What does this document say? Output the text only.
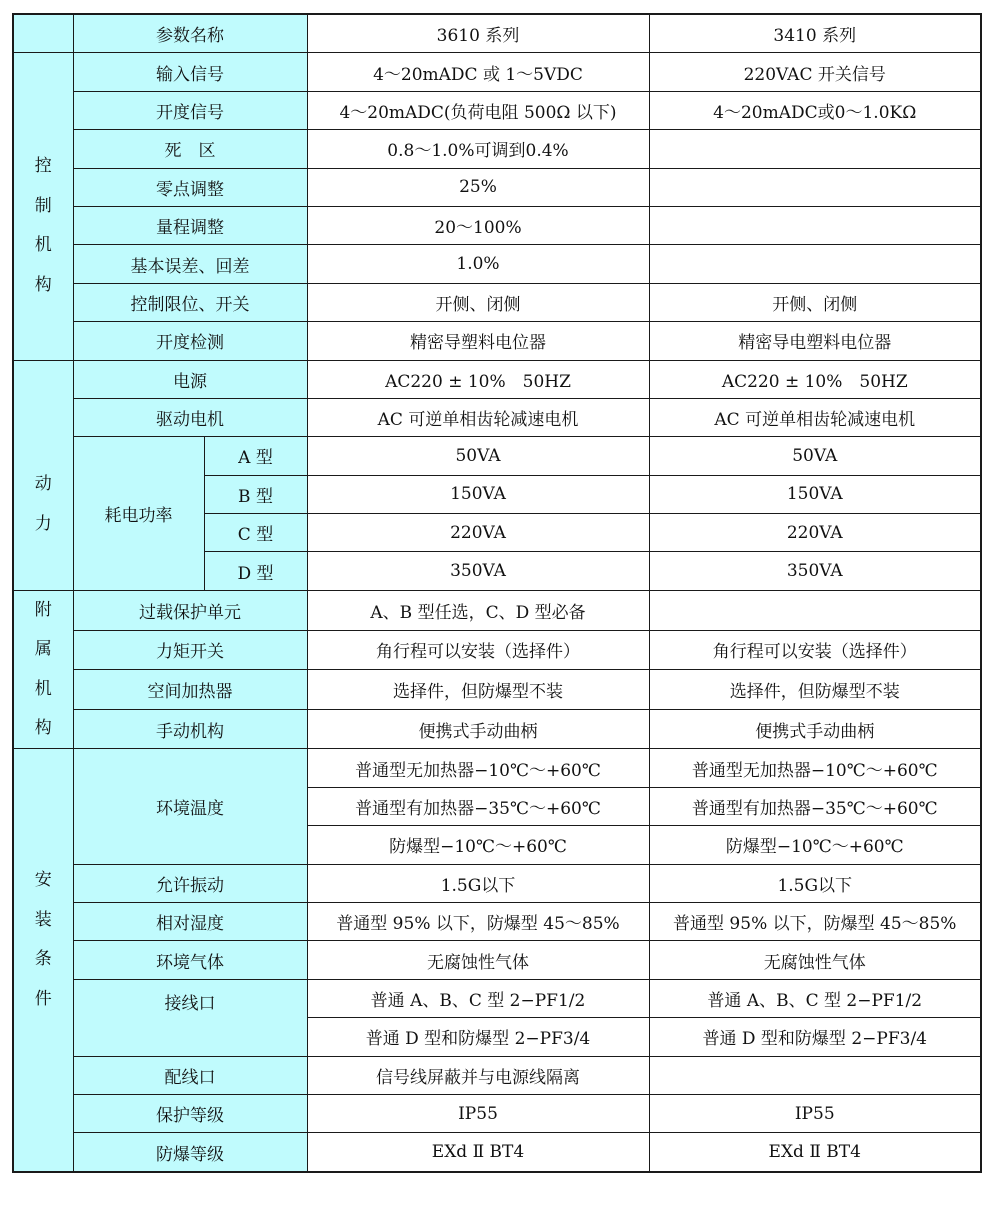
	参数名称		3610 系列	3410 系列

控
制
机
构	输入信号		4～20mADC 或 1～5VDC	220VAC 开关信号
	开度信号		4～20mADC(负荷电阻 500Ω 以下)	4～20mADC或0～1.0KΩ
	死　区		0.8～1.0%可调到0.4%	
	零点调整		25%	
	量程调整		20～100%	
	基本误差、回差		1.0%	
	控制限位、开关		开侧、闭侧	开侧、闭侧
	开度检测		精密导塑料电位器	精密导电塑料电位器

动
力	电源		AC220 ± 10%　50HZ	AC220 ± 10%　50HZ
	驱动电机		AC 可逆单相齿轮减速电机	AC 可逆单相齿轮减速电机
	耗电功率	A 型	50VA	50VA
		B 型	150VA	150VA
		C 型	220VA	220VA
		D 型	350VA	350VA

附
属
机
构	过载保护单元		A、B 型任选，C、D 型必备	
	力矩开关		角行程可以安装（选择件）	角行程可以安装（选择件）
	空间加热器		选择件，但防爆型不装	选择件，但防爆型不装
	手动机构		便携式手动曲柄	便携式手动曲柄

安
装
条
件	环境温度		普通型无加热器−10℃～+60℃	普通型无加热器−10℃～+60℃
			普通型有加热器−35℃～+60℃	普通型有加热器−35℃～+60℃
			防爆型−10℃～+60℃	防爆型−10℃～+60℃
	允许振动		1.5G以下	1.5G以下
	相对湿度		普通型 95% 以下，防爆型 45～85%	普通型 95% 以下，防爆型 45～85%
	环境气体		无腐蚀性气体	无腐蚀性气体
	接线口		普通 A、B、C 型 2−PF1/2	普通 A、B、C 型 2−PF1/2
			普通 D 型和防爆型 2−PF3/4	普通 D 型和防爆型 2−PF3/4
	配线口		信号线屏蔽并与电源线隔离	
	保护等级		IP55	IP55
	防爆等级		EXd Ⅱ BT4	EXd Ⅱ BT4
